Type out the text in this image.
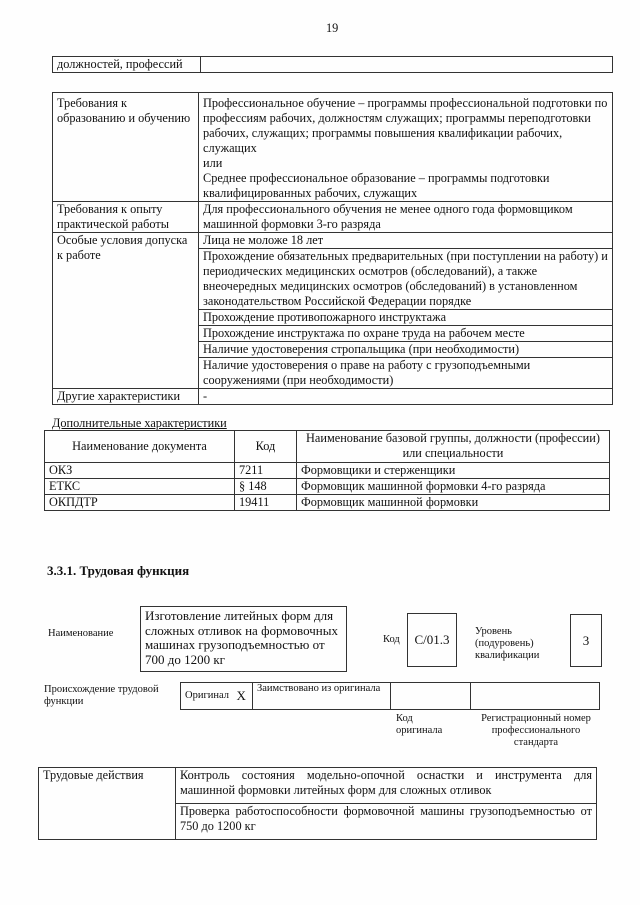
19
должностей, профессий	
Требования к образованию и обучению	Профессиональное обучение – программы профессиональной подготовки по профессиям рабочих, должностям служащих; программы переподготовки рабочих, служащих; программы повышения квалификации рабочих, служащих
или
Среднее профессиональное образование – программы подготовки квалифицированных рабочих, служащих

Требования к опыту практической работы	Для профессионального обучения не менее одного года формовщиком машинной формовки 3-го разряда
Особые условия допуска к работе	Лица не моложе 18 лет
	Прохождение обязательных предварительных (при поступлении на работу) и периодических медицинских осмотров (обследований), а также внеочередных медицинских осмотров (обследований) в установленном законодательством Российской Федерации порядке
	Прохождение противопожарного инструктажа
	Прохождение инструктажа по охране труда на рабочем месте
	Наличие удостоверения стропальщика (при необходимости)
	Наличие удостоверения о праве на работу с грузоподъемными сооружениями (при необходимости)
Другие характеристики	-
Дополнительные характеристики
Наименование документа	Код	Наименование базовой группы, должности (профессии) или специальности
ОКЗ	7211	Формовщики и стерженщики
ЕТКС	§ 148	Формовщик машинной формовки 4-го разряда
ОКПДТР	19411	Формовщик машинной формовки
3.3.1. Трудовая функция
Наименование
Изготовление литейных форм для сложных отливок на формовочных машинах грузоподъемностью от 700 до 1200 кг
Код	C/01.3
Уровень (подуровень) квалификации
3
Происхождение трудовой функции
Оригинал	X	Заимствовано из оригинала		
Код оригинала
Регистрационный номер профессионального стандарта
Трудовые действия	Контроль состояния модельно-опочной оснастки и инструмента для машинной формовки литейных форм для сложных отливок
Проверка работоспособности формовочной машины грузоподъемностью от 750 до 1200 кг
